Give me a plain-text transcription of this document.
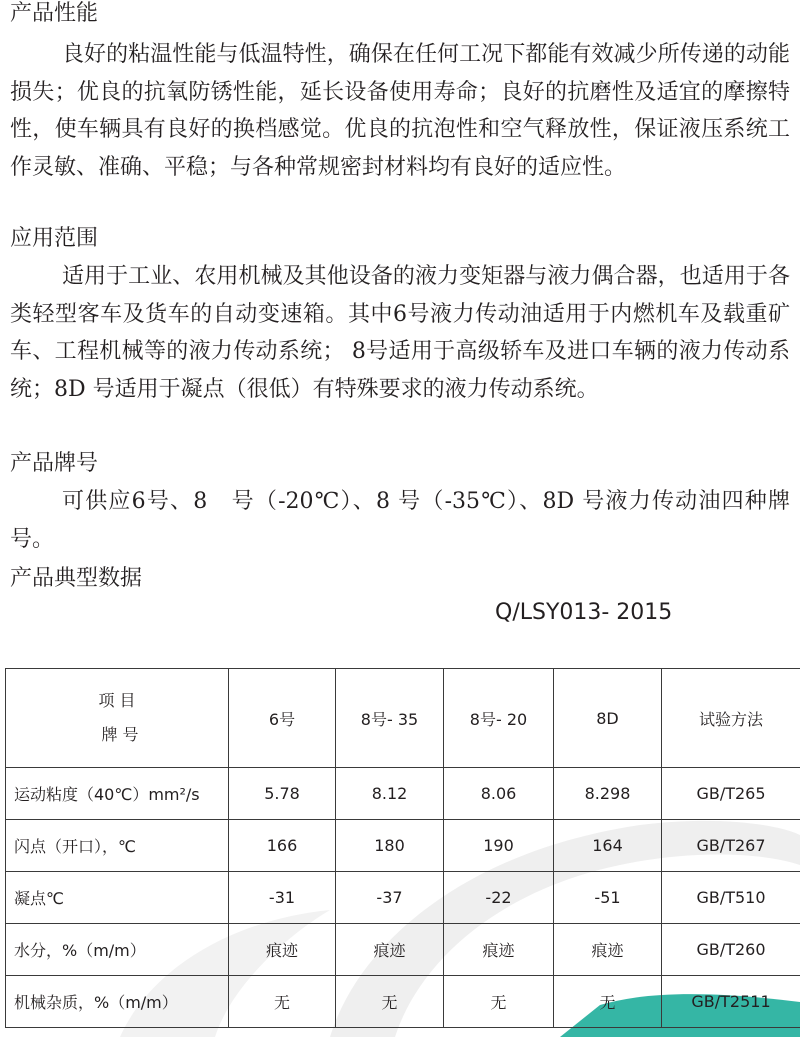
产品性能

良好的粘温性能与低温特性，确保在任何工况下都能有效减少所传递的动能损失；优良的抗氧防锈性能，延长设备使用寿命；良好的抗磨性及适宜的摩擦特性，使车辆具有良好的换档感觉。优良的抗泡性和空气释放性，保证液压系统工作灵敏、准确、平稳；与各种常规密封材料均有良好的适应性。

应用范围

适用于工业、农用机械及其他设备的液力变矩器与液力偶合器，也适用于各类轻型客车及货车的自动变速箱。其中6号液力传动油适用于内燃机车及载重矿车、工程机械等的液力传动系统； 8号适用于高级轿车及进口车辆的液力传动系统；8D 号适用于凝点（很低）有特殊要求的液力传动系统。

产品牌号

可供应6号、8　号（-20℃）、8 号（-35℃）、8D 号液力传动油四种牌号。

产品典型数据
Q/LSY013- 2015
项 目
牌 号	6号	8号- 35	8号- 20	8D	试验方法
运动粘度（40℃）mm²/s	5.78	8.12	8.06	8.298	GB/T265
闪点（开口），℃	166	180	190	164	GB/T267
凝点℃	-31	-37	-22	-51	GB/T510
水分，%（m/m）	痕迹	痕迹	痕迹	痕迹	GB/T260
机械杂质，%（m/m）	无	无	无	无	GB/T2511
